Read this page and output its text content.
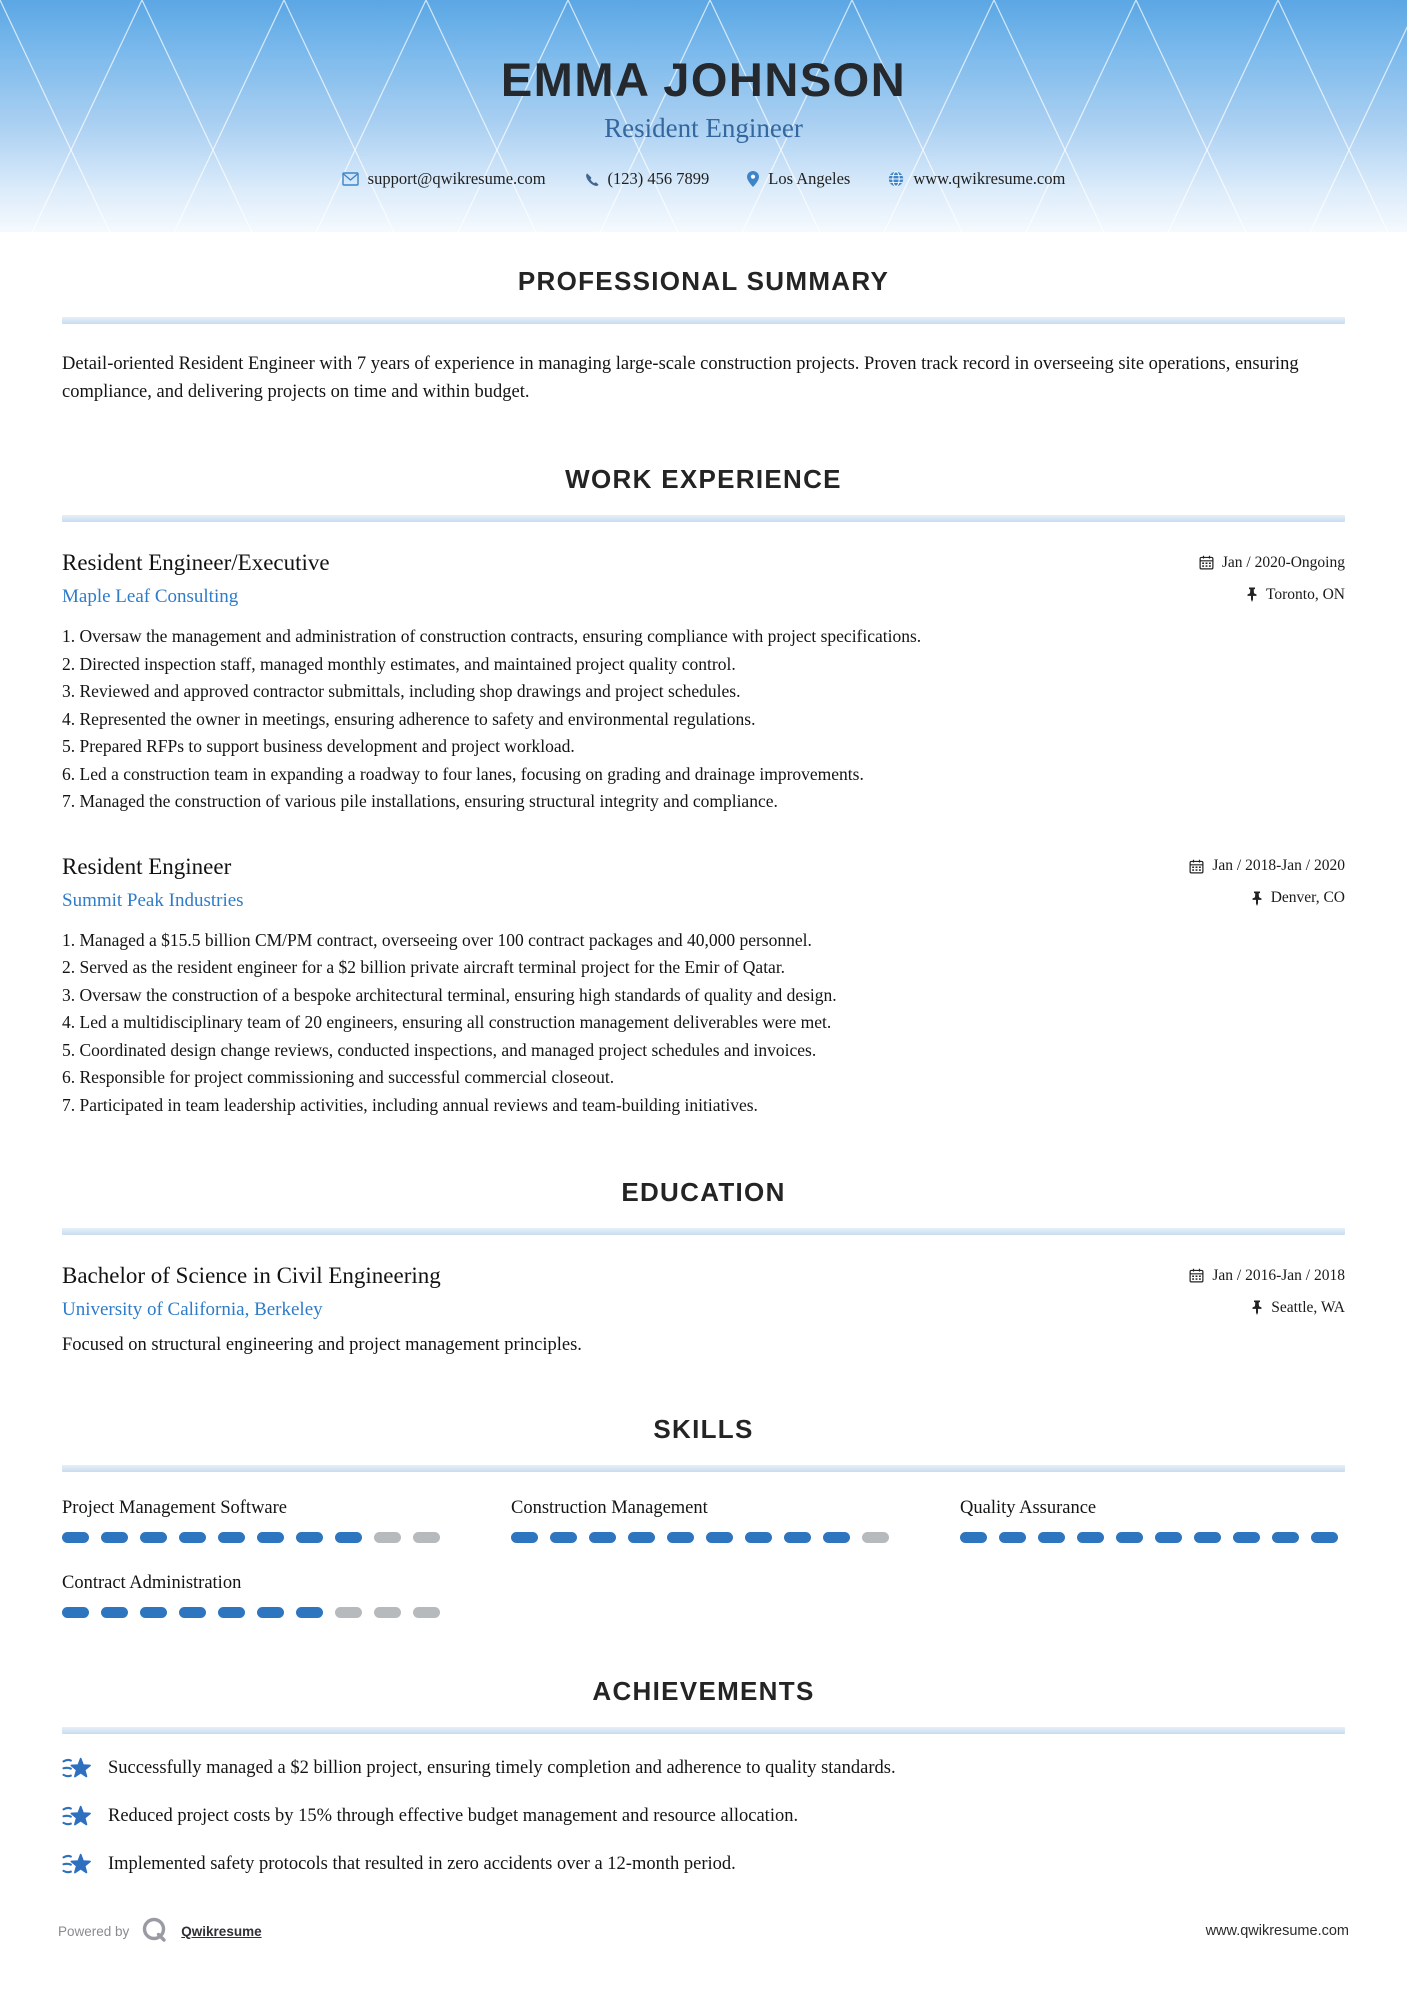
EMMA JOHNSON
Resident Engineer
support@qwikresume.com	(123) 456 7899	Los Angeles	www.qwikresume.com
PROFESSIONAL SUMMARY

Detail-oriented Resident Engineer with 7 years of experience in managing large-scale construction projects. Proven track record in overseeing site operations, ensuring compliance, and delivering projects on time and within budget.

WORK EXPERIENCE
Resident Engineer/Executive	Jan / 2020-Ongoing
Maple Leaf Consulting	Toronto, ON
1. Oversaw the management and administration of construction contracts, ensuring compliance with project specifications.
2. Directed inspection staff, managed monthly estimates, and maintained project quality control.
3. Reviewed and approved contractor submittals, including shop drawings and project schedules.
4. Represented the owner in meetings, ensuring adherence to safety and environmental regulations.
5. Prepared RFPs to support business development and project workload.
6. Led a construction team in expanding a roadway to four lanes, focusing on grading and drainage improvements.
7. Managed the construction of various pile installations, ensuring structural integrity and compliance.
Resident Engineer	Jan / 2018-Jan / 2020
Summit Peak Industries	Denver, CO
1. Managed a $15.5 billion CM/PM contract, overseeing over 100 contract packages and 40,000 personnel.
2. Served as the resident engineer for a $2 billion private aircraft terminal project for the Emir of Qatar.
3. Oversaw the construction of a bespoke architectural terminal, ensuring high standards of quality and design.
4. Led a multidisciplinary team of 20 engineers, ensuring all construction management deliverables were met.
5. Coordinated design change reviews, conducted inspections, and managed project schedules and invoices.
6. Responsible for project commissioning and successful commercial closeout.
7. Participated in team leadership activities, including annual reviews and team-building initiatives.
EDUCATION
Bachelor of Science in Civil Engineering	Jan / 2016-Jan / 2018
University of California, Berkeley	Seattle, WA
Focused on structural engineering and project management principles.
SKILLS
Project Management Software	Construction Management	Quality Assurance
Contract Administration
ACHIEVEMENTS
Successfully managed a $2 billion project, ensuring timely completion and adherence to quality standards.
Reduced project costs by 15% through effective budget management and resource allocation.
Implemented safety protocols that resulted in zero accidents over a 12-month period.
Powered by	Qwikresume	www.qwikresume.com
